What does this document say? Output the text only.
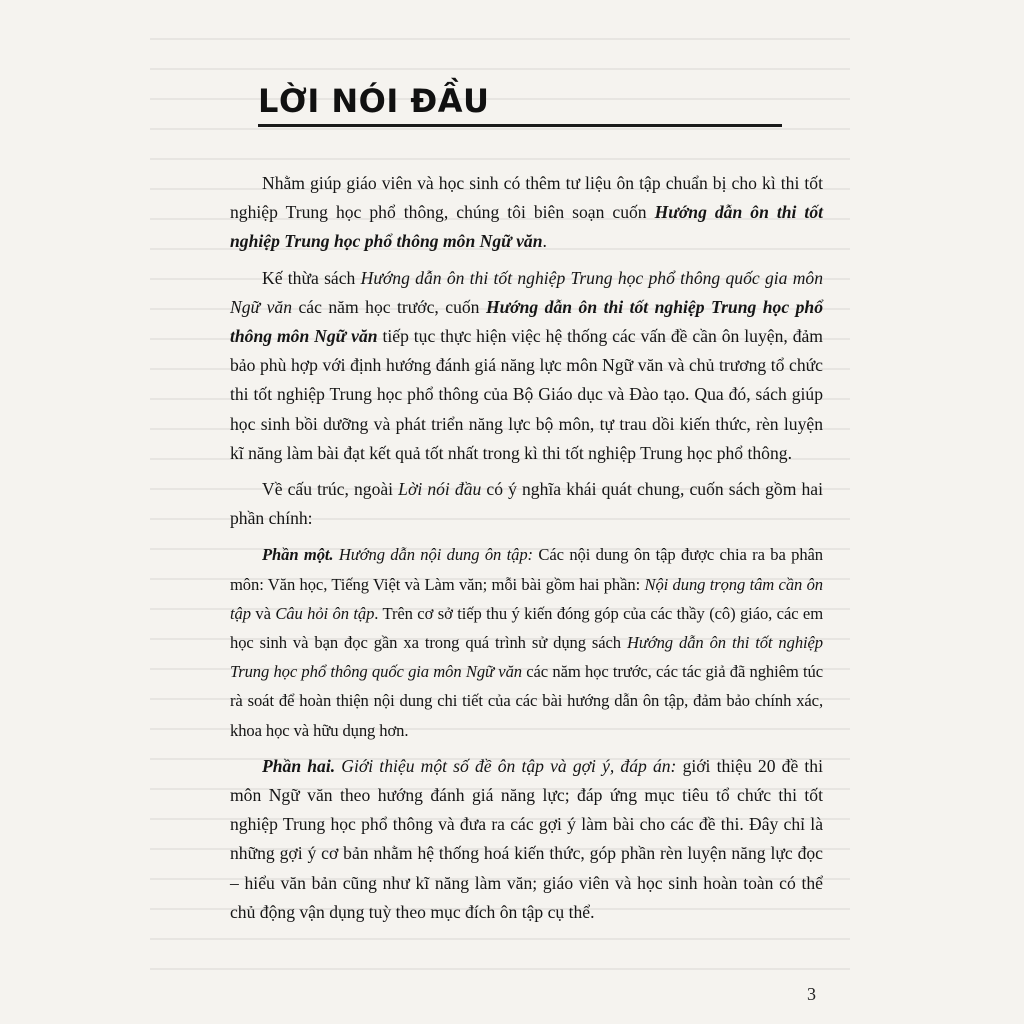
LỜI NÓI ĐẦU

Nhằm giúp giáo viên và học sinh có thêm tư liệu ôn tập chuẩn bị cho kì thi tốt nghiệp Trung học phổ thông, chúng tôi biên soạn cuốn Hướng dẫn ôn thi tốt nghiệp Trung học phổ thông môn Ngữ văn.

Kế thừa sách Hướng dẫn ôn thi tốt nghiệp Trung học phổ thông quốc gia môn Ngữ văn các năm học trước, cuốn Hướng dẫn ôn thi tốt nghiệp Trung học phổ thông môn Ngữ văn tiếp tục thực hiện việc hệ thống các vấn đề cần ôn luyện, đảm bảo phù hợp với định hướng đánh giá năng lực môn Ngữ văn và chủ trương tổ chức thi tốt nghiệp Trung học phổ thông của Bộ Giáo dục và Đào tạo. Qua đó, sách giúp học sinh bồi dưỡng và phát triển năng lực bộ môn, tự trau dồi kiến thức, rèn luyện kĩ năng làm bài đạt kết quả tốt nhất trong kì thi tốt nghiệp Trung học phổ thông.

Về cấu trúc, ngoài Lời nói đầu có ý nghĩa khái quát chung, cuốn sách gồm hai phần chính:

Phần một. Hướng dẫn nội dung ôn tập: Các nội dung ôn tập được chia ra ba phân môn: Văn học, Tiếng Việt và Làm văn; mỗi bài gồm hai phần: Nội dung trọng tâm cần ôn tập và Câu hỏi ôn tập. Trên cơ sở tiếp thu ý kiến đóng góp của các thầy (cô) giáo, các em học sinh và bạn đọc gần xa trong quá trình sử dụng sách Hướng dẫn ôn thi tốt nghiệp Trung học phổ thông quốc gia môn Ngữ văn các năm học trước, các tác giả đã nghiêm túc rà soát để hoàn thiện nội dung chi tiết của các bài hướng dẫn ôn tập, đảm bảo chính xác, khoa học và hữu dụng hơn.

Phần hai. Giới thiệu một số đề ôn tập và gợi ý, đáp án: giới thiệu 20 đề thi môn Ngữ văn theo hướng đánh giá năng lực; đáp ứng mục tiêu tổ chức thi tốt nghiệp Trung học phổ thông và đưa ra các gợi ý làm bài cho các đề thi. Đây chỉ là những gợi ý cơ bản nhằm hệ thống hoá kiến thức, góp phần rèn luyện năng lực đọc – hiểu văn bản cũng như kĩ năng làm văn; giáo viên và học sinh hoàn toàn có thể chủ động vận dụng tuỳ theo mục đích ôn tập cụ thể.

3
